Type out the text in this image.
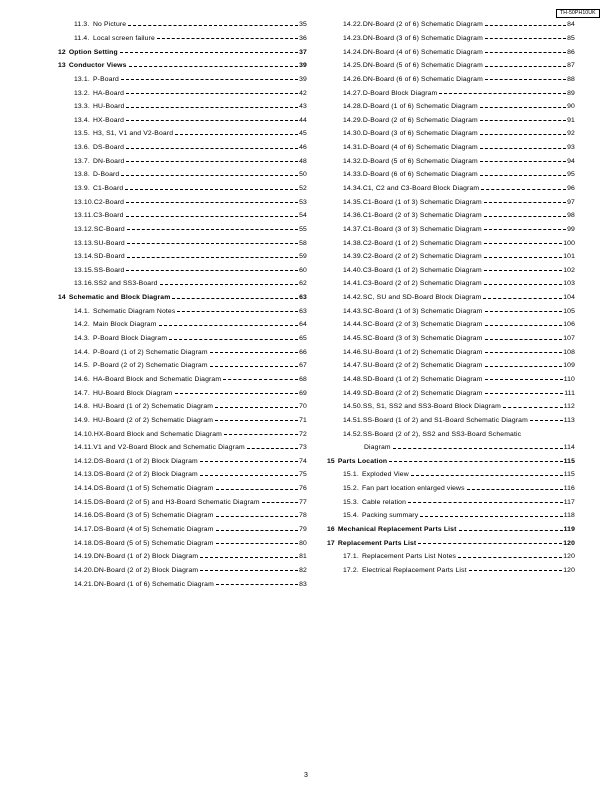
TH-50PH10UK
11.3. No Picture	35
11.4. Local screen failure	36
12 Option Setting	37
13 Conductor Views	39
13.1. P-Board	39
13.2. HA-Board	42
13.3. HU-Board	43
13.4. HX-Board	44
13.5. H3, S1, V1 and V2-Board	45
13.6. DS-Board	46
13.7. DN-Board	48
13.8. D-Board	50
13.9. C1-Board	52
13.10.C2-Board	53
13.11.C3-Board	54
13.12.SC-Board	55
13.13.SU-Board	58
13.14.SD-Board	59
13.15.SS-Board	60
13.16.SS2 and SS3-Board	62
14 Schematic and Block Diagram	63
14.1. Schematic Diagram Notes	63
14.2. Main Block Diagram	64
14.3. P-Board Block Diagram	65
14.4. P-Board (1 of 2) Schematic Diagram	66
14.5. P-Board (2 of 2) Schematic Diagram	67
14.6. HA-Board Block and Schematic Diagram	68
14.7. HU-Board Block Diagram	69
14.8. HU-Board (1 of 2) Schematic Diagram	70
14.9. HU-Board (2 of 2) Schematic Diagram	71
14.10.HX-Board Block and Schematic Diagram	72
14.11.V1 and V2-Board Block and Schematic Diagram	73
14.12.DS-Board (1 of 2) Block Diagram	74
14.13.DS-Board (2 of 2) Block Diagram	75
14.14.DS-Board (1 of 5) Schematic Diagram	76
14.15.DS-Board (2 of 5) and H3-Board Schematic Diagram	77
14.16.DS-Board (3 of 5) Schematic Diagram	78
14.17.DS-Board (4 of 5) Schematic Diagram	79
14.18.DS-Board (5 of 5) Schematic Diagram	80
14.19.DN-Board (1 of 2) Block Diagram	81
14.20.DN-Board (2 of 2) Block Diagram	82
14.21.DN-Board (1 of 6) Schematic Diagram	83
14.22.DN-Board (2 of 6) Schematic Diagram	84
14.23.DN-Board (3 of 6) Schematic Diagram	85
14.24.DN-Board (4 of 6) Schematic Diagram	86
14.25.DN-Board (5 of 6) Schematic Diagram	87
14.26.DN-Board (6 of 6) Schematic Diagram	88
14.27.D-Board Block Diagram	89
14.28.D-Board (1 of 6) Schematic Diagram	90
14.29.D-Board (2 of 6) Schematic Diagram	91
14.30.D-Board (3 of 6) Schematic Diagram	92
14.31.D-Board (4 of 6) Schematic Diagram	93
14.32.D-Board (5 of 6) Schematic Diagram	94
14.33.D-Board (6 of 6) Schematic Diagram	95
14.34.C1, C2 and C3-Board Block Diagram	96
14.35.C1-Board (1 of 3) Schematic Diagram	97
14.36.C1-Board (2 of 3) Schematic Diagram	98
14.37.C1-Board (3 of 3) Schematic Diagram	99
14.38.C2-Board (1 of 2) Schematic Diagram	100
14.39.C2-Board (2 of 2) Schematic Diagram	101
14.40.C3-Board (1 of 2) Schematic Diagram	102
14.41.C3-Board (2 of 2) Schematic Diagram	103
14.42.SC, SU and SD-Board Block Diagram	104
14.43.SC-Board (1 of 3) Schematic Diagram	105
14.44.SC-Board (2 of 3) Schematic Diagram	106
14.45.SC-Board (3 of 3) Schematic Diagram	107
14.46.SU-Board (1 of 2) Schematic Diagram	108
14.47.SU-Board (2 of 2) Schematic Diagram	109
14.48.SD-Board (1 of 2) Schematic Diagram	110
14.49.SD-Board (2 of 2) Schematic Diagram	111
14.50.SS, S1, SS2 and SS3-Board Block Diagram	112
14.51.SS-Board (1 of 2) and S1-Board Schematic Diagram	113
14.52.SS-Board (2 of 2), SS2 and SS3-Board Schematic
Diagram	114
15 Parts Location	115
15.1. Exploded View	115
15.2. Fan part location enlarged views	116
15.3. Cable relation	117
15.4. Packing summary	118
16 Mechanical Replacement Parts List	119
17 Replacement Parts List	120
17.1. Replacement Parts List Notes	120
17.2. Electrical Replacement Parts List	120
3
